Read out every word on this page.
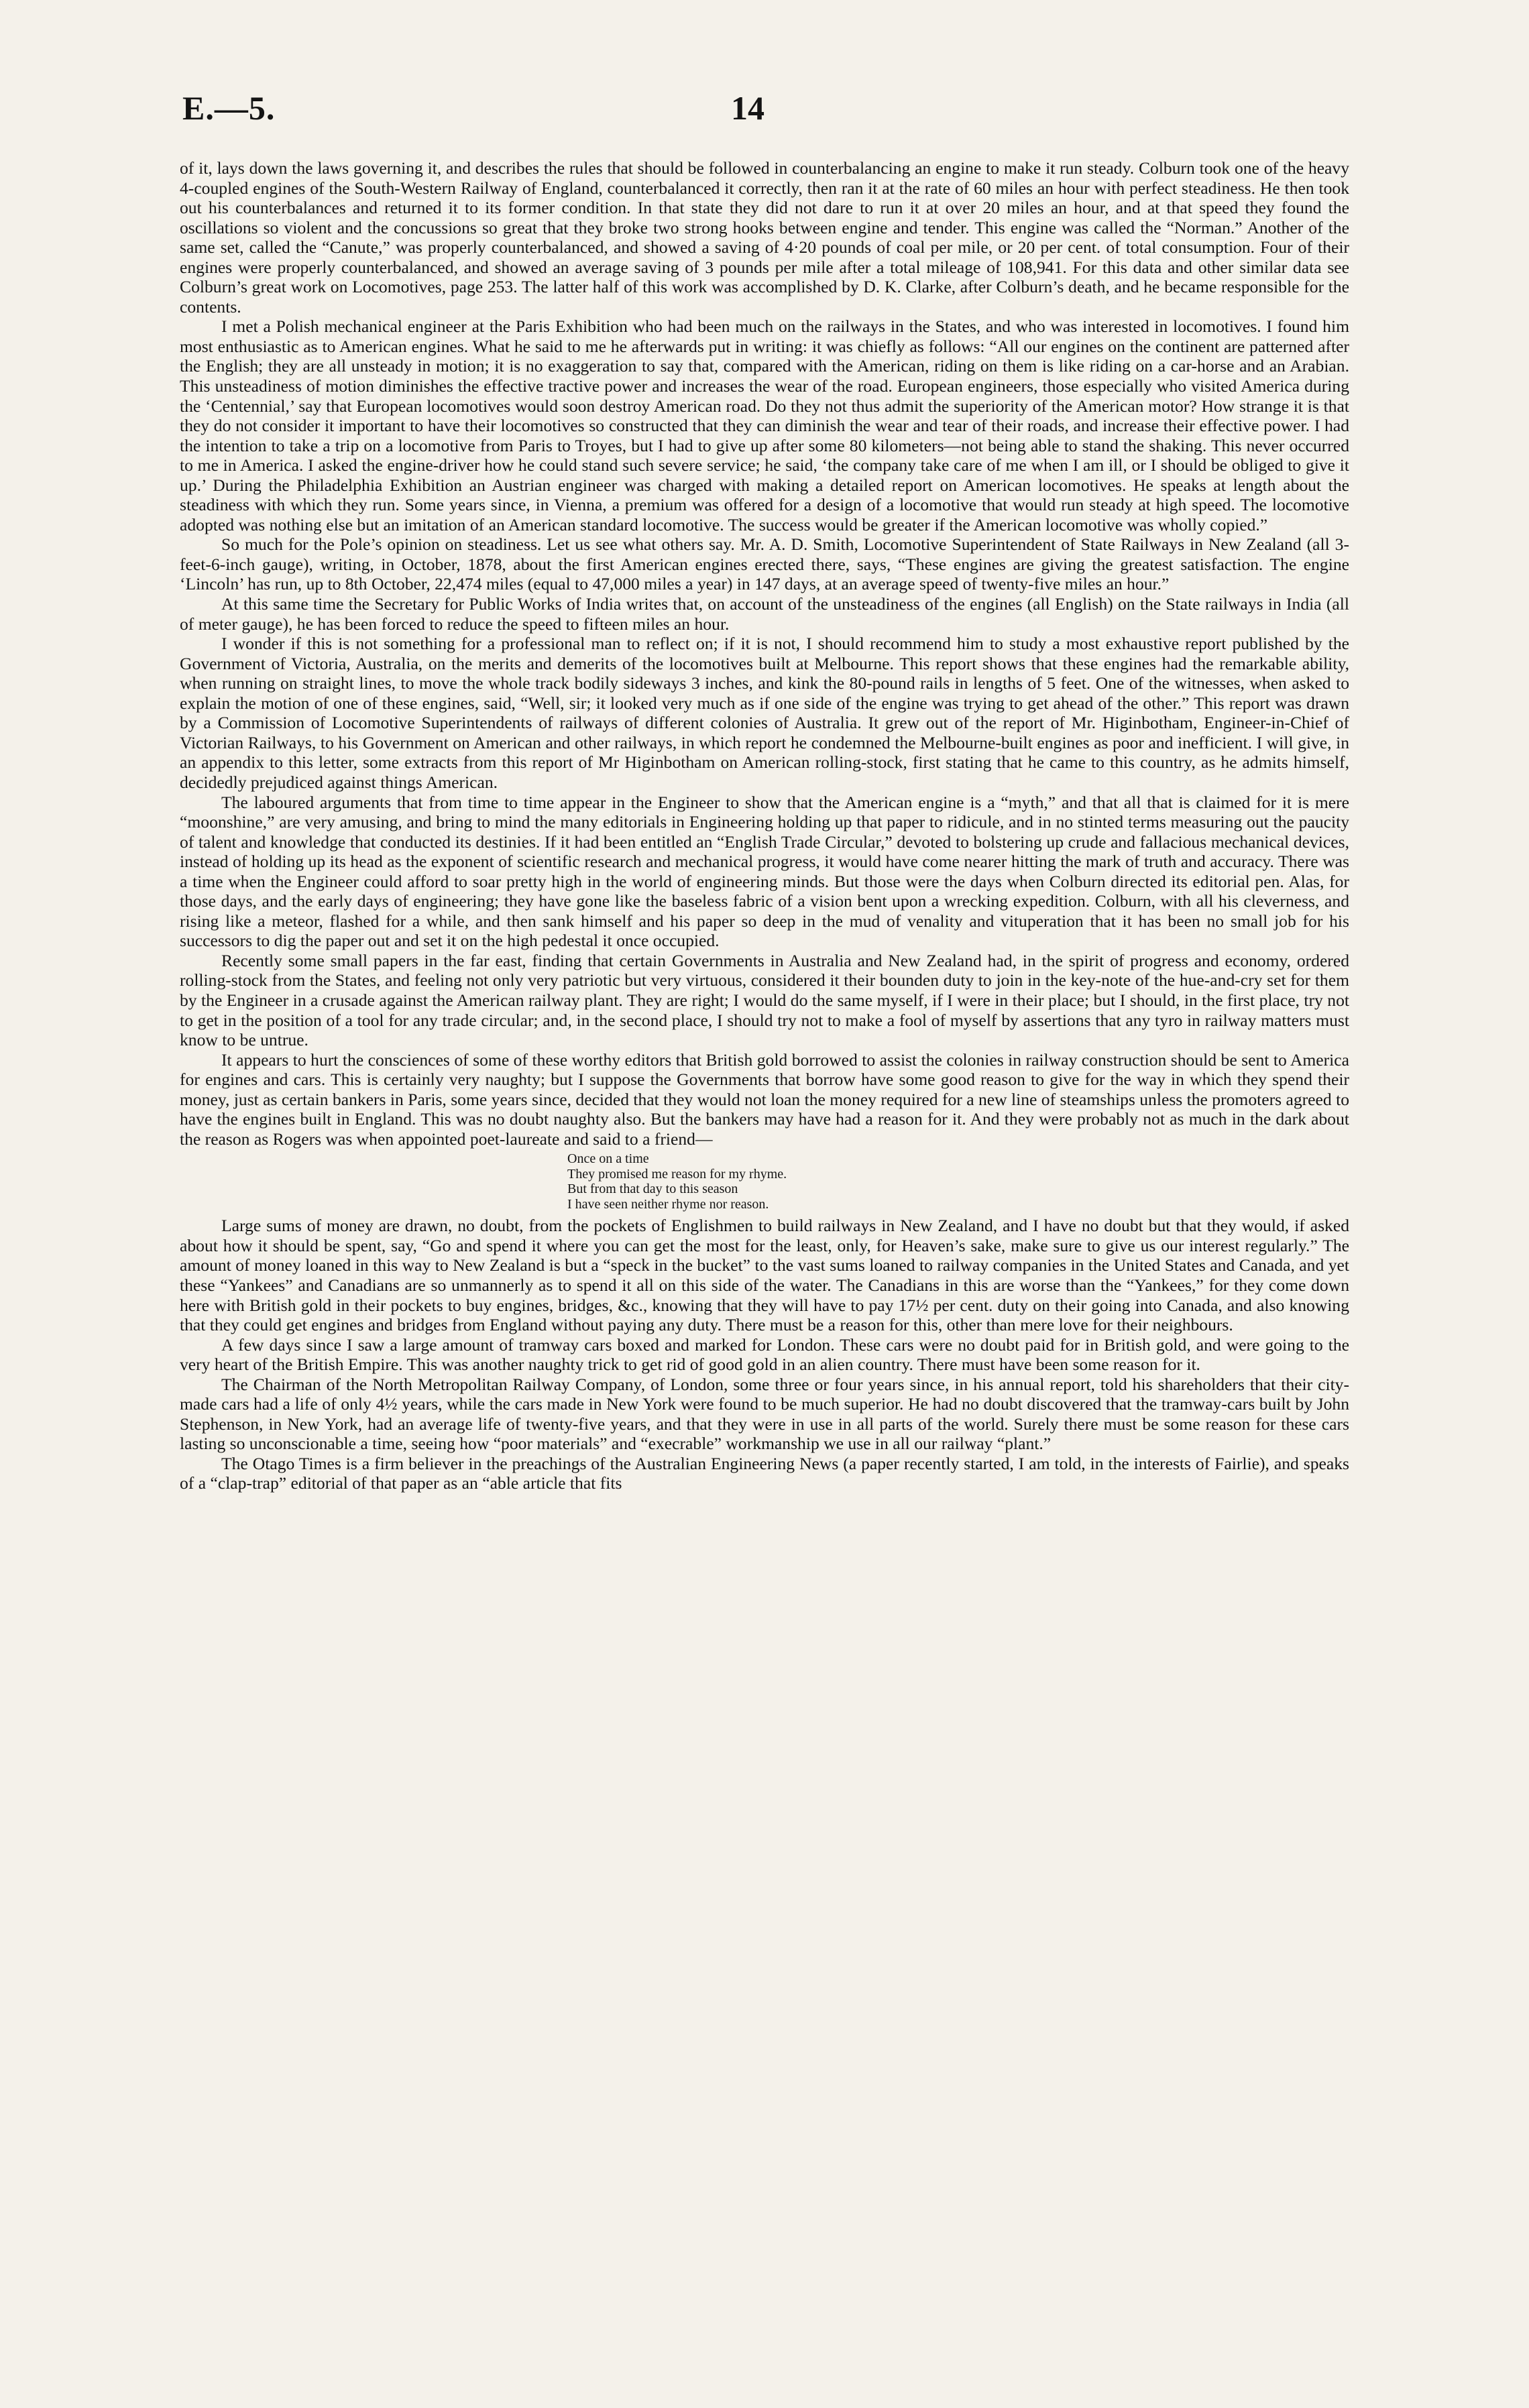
E.—5.	14

of it, lays down the laws governing it, and describes the rules that should be followed in counterbalancing an engine to make it run steady. Colburn took one of the heavy 4-coupled engines of the South-Western Railway of England, counterbalanced it correctly, then ran it at the rate of 60 miles an hour with perfect steadiness. He then took out his counterbalances and returned it to its former condition. In that state they did not dare to run it at over 20 miles an hour, and at that speed they found the oscillations so violent and the concussions so great that they broke two strong hooks between engine and tender. This engine was called the “Norman.” Another of the same set, called the “Canute,” was properly counterbalanced, and showed a saving of 4·20 pounds of coal per mile, or 20 per cent. of total consumption. Four of their engines were properly counterbalanced, and showed an average saving of 3 pounds per mile after a total mileage of 108,941. For this data and other similar data see Colburn’s great work on Locomotives, page 253. The latter half of this work was accomplished by D. K. Clarke, after Colburn’s death, and he became responsible for the contents.

I met a Polish mechanical engineer at the Paris Exhibition who had been much on the railways in the States, and who was interested in locomotives. I found him most enthusiastic as to American engines. What he said to me he afterwards put in writing: it was chiefly as follows: “All our engines on the continent are patterned after the English; they are all unsteady in motion; it is no exaggeration to say that, compared with the American, riding on them is like riding on a car-horse and an Arabian. This unsteadiness of motion diminishes the effective tractive power and increases the wear of the road. European engineers, those especially who visited America during the ‘Centennial,’ say that European locomotives would soon destroy American road. Do they not thus admit the superiority of the American motor? How strange it is that they do not consider it important to have their locomotives so constructed that they can diminish the wear and tear of their roads, and increase their effective power. I had the intention to take a trip on a locomotive from Paris to Troyes, but I had to give up after some 80 kilometers—not being able to stand the shaking. This never occurred to me in America. I asked the engine-driver how he could stand such severe service; he said, ‘the company take care of me when I am ill, or I should be obliged to give it up.’ During the Philadelphia Exhibition an Austrian engineer was charged with making a detailed report on American locomotives. He speaks at length about the steadiness with which they run. Some years since, in Vienna, a premium was offered for a design of a locomotive that would run steady at high speed. The locomotive adopted was nothing else but an imitation of an American standard locomotive. The success would be greater if the American locomotive was wholly copied.”

So much for the Pole’s opinion on steadiness. Let us see what others say. Mr. A. D. Smith, Locomotive Superintendent of State Railways in New Zealand (all 3-feet-6-inch gauge), writing, in October, 1878, about the first American engines erected there, says, “These engines are giving the greatest satisfaction. The engine ‘Lincoln’ has run, up to 8th October, 22,474 miles (equal to 47,000 miles a year) in 147 days, at an average speed of twenty-five miles an hour.”

At this same time the Secretary for Public Works of India writes that, on account of the unsteadiness of the engines (all English) on the State railways in India (all of meter gauge), he has been forced to reduce the speed to fifteen miles an hour.

I wonder if this is not something for a professional man to reflect on; if it is not, I should recommend him to study a most exhaustive report published by the Government of Victoria, Australia, on the merits and demerits of the locomotives built at Melbourne. This report shows that these engines had the remarkable ability, when running on straight lines, to move the whole track bodily sideways 3 inches, and kink the 80-pound rails in lengths of 5 feet. One of the witnesses, when asked to explain the motion of one of these engines, said, “Well, sir; it looked very much as if one side of the engine was trying to get ahead of the other.” This report was drawn by a Commission of Locomotive Superintendents of railways of different colonies of Australia. It grew out of the report of Mr. Higinbotham, Engineer-in-Chief of Victorian Railways, to his Government on American and other railways, in which report he condemned the Melbourne-built engines as poor and inefficient. I will give, in an appendix to this letter, some extracts from this report of Mr Higinbotham on American rolling-stock, first stating that he came to this country, as he admits himself, decidedly prejudiced against things American.

The laboured arguments that from time to time appear in the Engineer to show that the American engine is a “myth,” and that all that is claimed for it is mere “moonshine,” are very amusing, and bring to mind the many editorials in Engineering holding up that paper to ridicule, and in no stinted terms measuring out the paucity of talent and knowledge that conducted its destinies. If it had been entitled an “English Trade Circular,” devoted to bolstering up crude and fallacious mechanical devices, instead of holding up its head as the exponent of scientific research and mechanical progress, it would have come nearer hitting the mark of truth and accuracy. There was a time when the Engineer could afford to soar pretty high in the world of engineering minds. But those were the days when Colburn directed its editorial pen. Alas, for those days, and the early days of engineering; they have gone like the baseless fabric of a vision bent upon a wrecking expedition. Colburn, with all his cleverness, and rising like a meteor, flashed for a while, and then sank himself and his paper so deep in the mud of venality and vituperation that it has been no small job for his successors to dig the paper out and set it on the high pedestal it once occupied.

Recently some small papers in the far east, finding that certain Governments in Australia and New Zealand had, in the spirit of progress and economy, ordered rolling-stock from the States, and feeling not only very patriotic but very virtuous, considered it their bounden duty to join in the key-note of the hue-and-cry set for them by the Engineer in a crusade against the American railway plant. They are right; I would do the same myself, if I were in their place; but I should, in the first place, try not to get in the position of a tool for any trade circular; and, in the second place, I should try not to make a fool of myself by assertions that any tyro in railway matters must know to be untrue.

It appears to hurt the consciences of some of these worthy editors that British gold borrowed to assist the colonies in railway construction should be sent to America for engines and cars. This is certainly very naughty; but I suppose the Governments that borrow have some good reason to give for the way in which they spend their money, just as certain bankers in Paris, some years since, decided that they would not loan the money required for a new line of steamships unless the promoters agreed to have the engines built in England. This was no doubt naughty also. But the bankers may have had a reason for it. And they were probably not as much in the dark about the reason as Rogers was when appointed poet-laureate and said to a friend—

Once on a time
They promised me reason for my rhyme.
But from that day to this season
I have seen neither rhyme nor reason.

Large sums of money are drawn, no doubt, from the pockets of Englishmen to build railways in New Zealand, and I have no doubt but that they would, if asked about how it should be spent, say, “Go and spend it where you can get the most for the least, only, for Heaven’s sake, make sure to give us our interest regularly.” The amount of money loaned in this way to New Zealand is but a “speck in the bucket” to the vast sums loaned to railway companies in the United States and Canada, and yet these “Yankees” and Canadians are so unmannerly as to spend it all on this side of the water. The Canadians in this are worse than the “Yankees,” for they come down here with British gold in their pockets to buy engines, bridges, &c., knowing that they will have to pay 17½ per cent. duty on their going into Canada, and also knowing that they could get engines and bridges from England without paying any duty. There must be a reason for this, other than mere love for their neighbours.

A few days since I saw a large amount of tramway cars boxed and marked for London. These cars were no doubt paid for in British gold, and were going to the very heart of the British Empire. This was another naughty trick to get rid of good gold in an alien country. There must have been some reason for it.

The Chairman of the North Metropolitan Railway Company, of London, some three or four years since, in his annual report, told his shareholders that their city-made cars had a life of only 4½ years, while the cars made in New York were found to be much superior. He had no doubt discovered that the tramway-cars built by John Stephenson, in New York, had an average life of twenty-five years, and that they were in use in all parts of the world. Surely there must be some reason for these cars lasting so unconscionable a time, seeing how “poor materials” and “execrable” workmanship we use in all our railway “plant.”

The Otago Times is a firm believer in the preachings of the Australian Engineering News (a paper recently started, I am told, in the interests of Fairlie), and speaks of a “clap-trap” editorial of that paper as an “able article that fits
